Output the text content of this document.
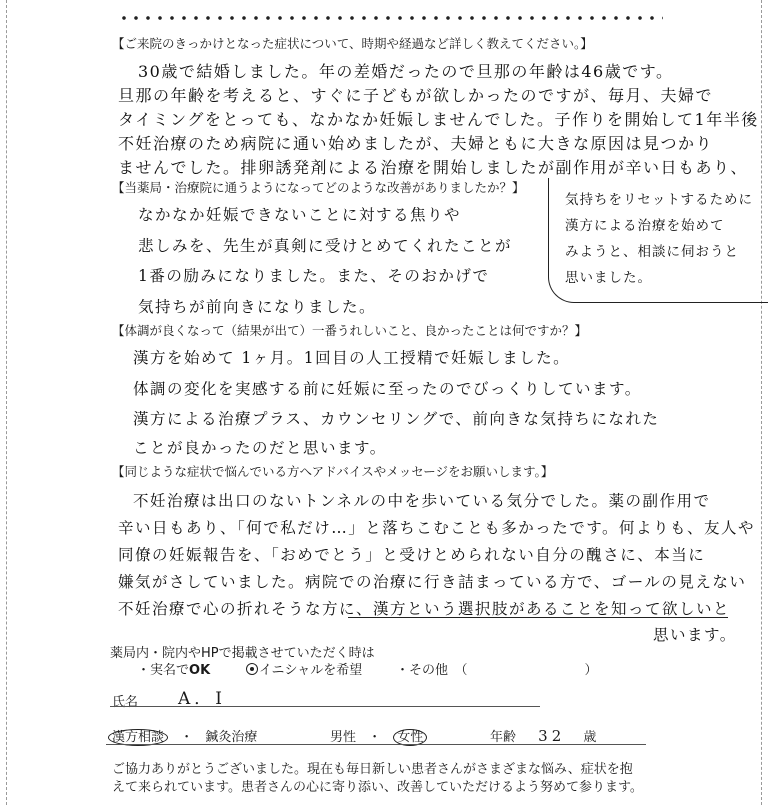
【ご来院のきっかけとなった症状について、時期や経過など詳しく教えてください。】
30歳で結婚しました。年の差婚だったので旦那の年齢は46歳です。
旦那の年齢を考えると、すぐに子どもが欲しかったのですが、毎月、夫婦で
タイミングをとっても、なかなか妊娠しませんでした。子作りを開始して1年半後
不妊治療のため病院に通い始めましたが、夫婦ともに大きな原因は見つかり
ませんでした。排卵誘発剤による治療を開始しましたが副作用が辛い日もあり、
気持ちをリセットするために
漢方による治療を始めて
みようと、相談に伺おうと
思いました。
【当薬局・治療院に通うようになってどのような改善がありましたか？】
なかなか妊娠できないことに対する焦りや
悲しみを、先生が真剣に受けとめてくれたことが
1番の励みになりました。また、そのおかげで
気持ちが前向きになりました。
【体調が良くなって（結果が出て）一番うれしいこと、良かったことは何ですか？】
漢方を始めて 1ヶ月。1回目の人工授精で妊娠しました。
体調の変化を実感する前に妊娠に至ったのでびっくりしています。
漢方による治療プラス、カウンセリングで、前向きな気持ちになれた
ことが良かったのだと思います。
【同じような症状で悩んでいる方へアドバイスやメッセージをお願いします。】
不妊治療は出口のないトンネルの中を歩いている気分でした。薬の副作用で
辛い日もあり、「何で私だけ…」と落ちこむことも多かったです。何よりも、友人や
同僚の妊娠報告を、「おめでとう」と受けとめられない自分の醜さに、本当に
嫌気がさしていました。病院での治療に行き詰まっている方で、ゴールの見えない
不妊治療で心の折れそうな方に、漢方という選択肢があることを知って欲しいと
思います。
薬局内・院内やHPで掲載させていただく時は
・実名でOK	イニシャルを希望	・その他　（　　　　　　　　　）
氏名 A．I
漢方相談 ・ 鍼灸治療	男性 ・ 女性	年齢 32 歳
ご協力ありがとうございました。現在も毎日新しい患者さんがさまざまな悩み、症状を抱
えて来られています。患者さんの心に寄り添い、改善していただけるよう努めて参ります。
